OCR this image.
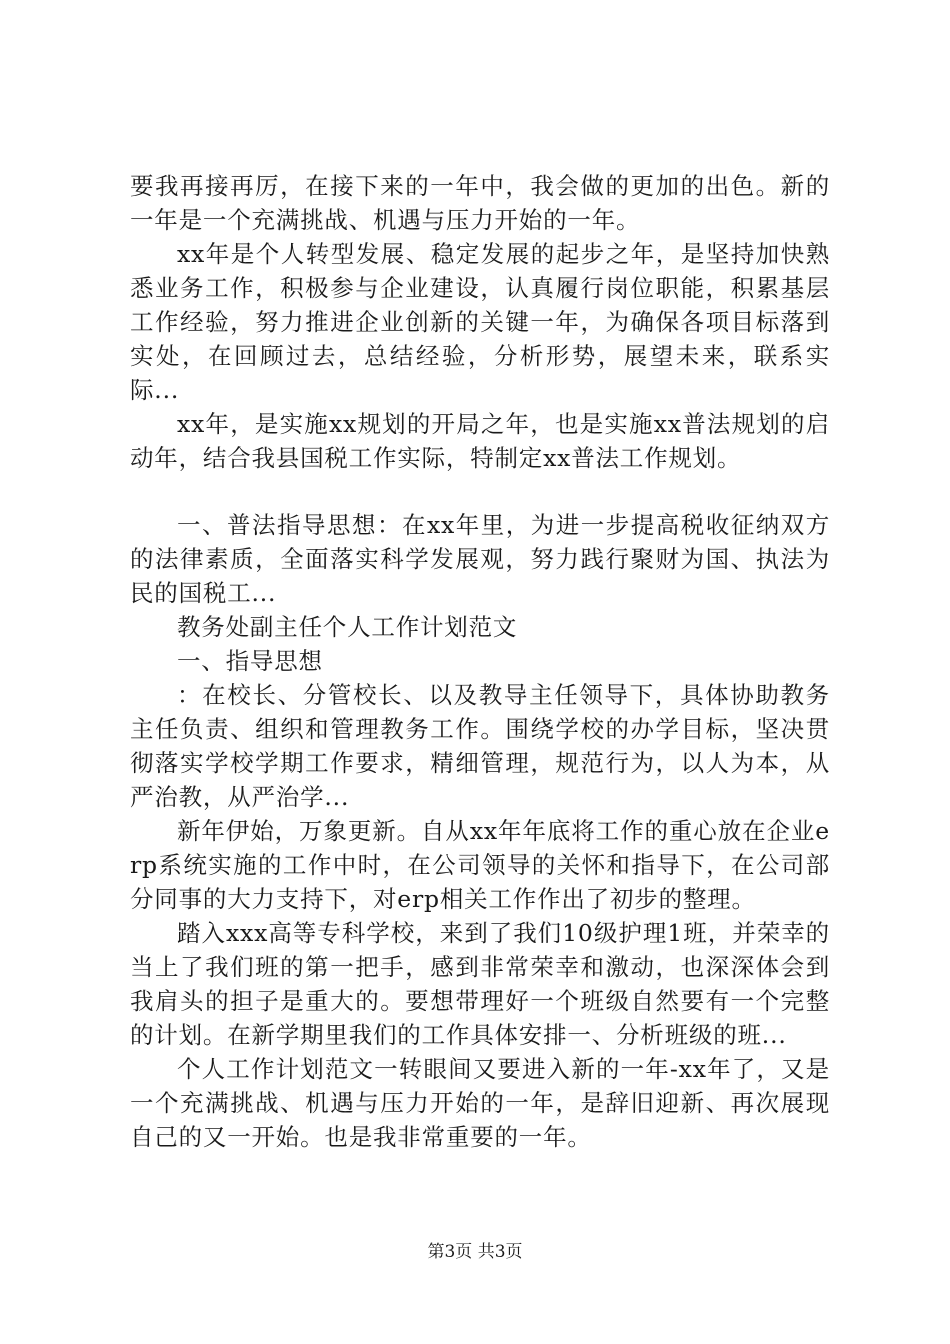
要我再接再厉，在接下来的一年中，我会做的更加的出色。新的一年是一个充满挑战、机遇与压力开始的一年。

xx年是个人转型发展、稳定发展的起步之年，是坚持加快熟悉业务工作，积极参与企业建设，认真履行岗位职能，积累基层工作经验，努力推进企业创新的关键一年，为确保各项目标落到实处，在回顾过去，总结经验，分析形势，展望未来，联系实际...

xx年，是实施xx规划的开局之年，也是实施xx普法规划的启动年，结合我县国税工作实际，特制定xx普法工作规划。

一、普法指导思想：在xx年里，为进一步提高税收征纳双方的法律素质，全面落实科学发展观，努力践行聚财为国、执法为民的国税工...

教务处副主任个人工作计划范文

一、指导思想

：在校长、分管校长、以及教导主任领导下，具体协助教务主任负责、组织和管理教务工作。围绕学校的办学目标，坚决贯彻落实学校学期工作要求，精细管理，规范行为，以人为本，从严治教，从严治学...

新年伊始，万象更新。自从xx年年底将工作的重心放在企业erp系统实施的工作中时，在公司领导的关怀和指导下，在公司部分同事的大力支持下，对erp相关工作作出了初步的整理。

踏入xxx高等专科学校，来到了我们10级护理1班，并荣幸的当上了我们班的第一把手，感到非常荣幸和激动，也深深体会到我肩头的担子是重大的。要想带理好一个班级自然要有一个完整的计划。在新学期里我们的工作具体安排一、分析班级的班...

个人工作计划范文一转眼间又要进入新的一年-xx年了，又是一个充满挑战、机遇与压力开始的一年，是辞旧迎新、再次展现自己的又一开始。也是我非常重要的一年。

第3页 共3页
